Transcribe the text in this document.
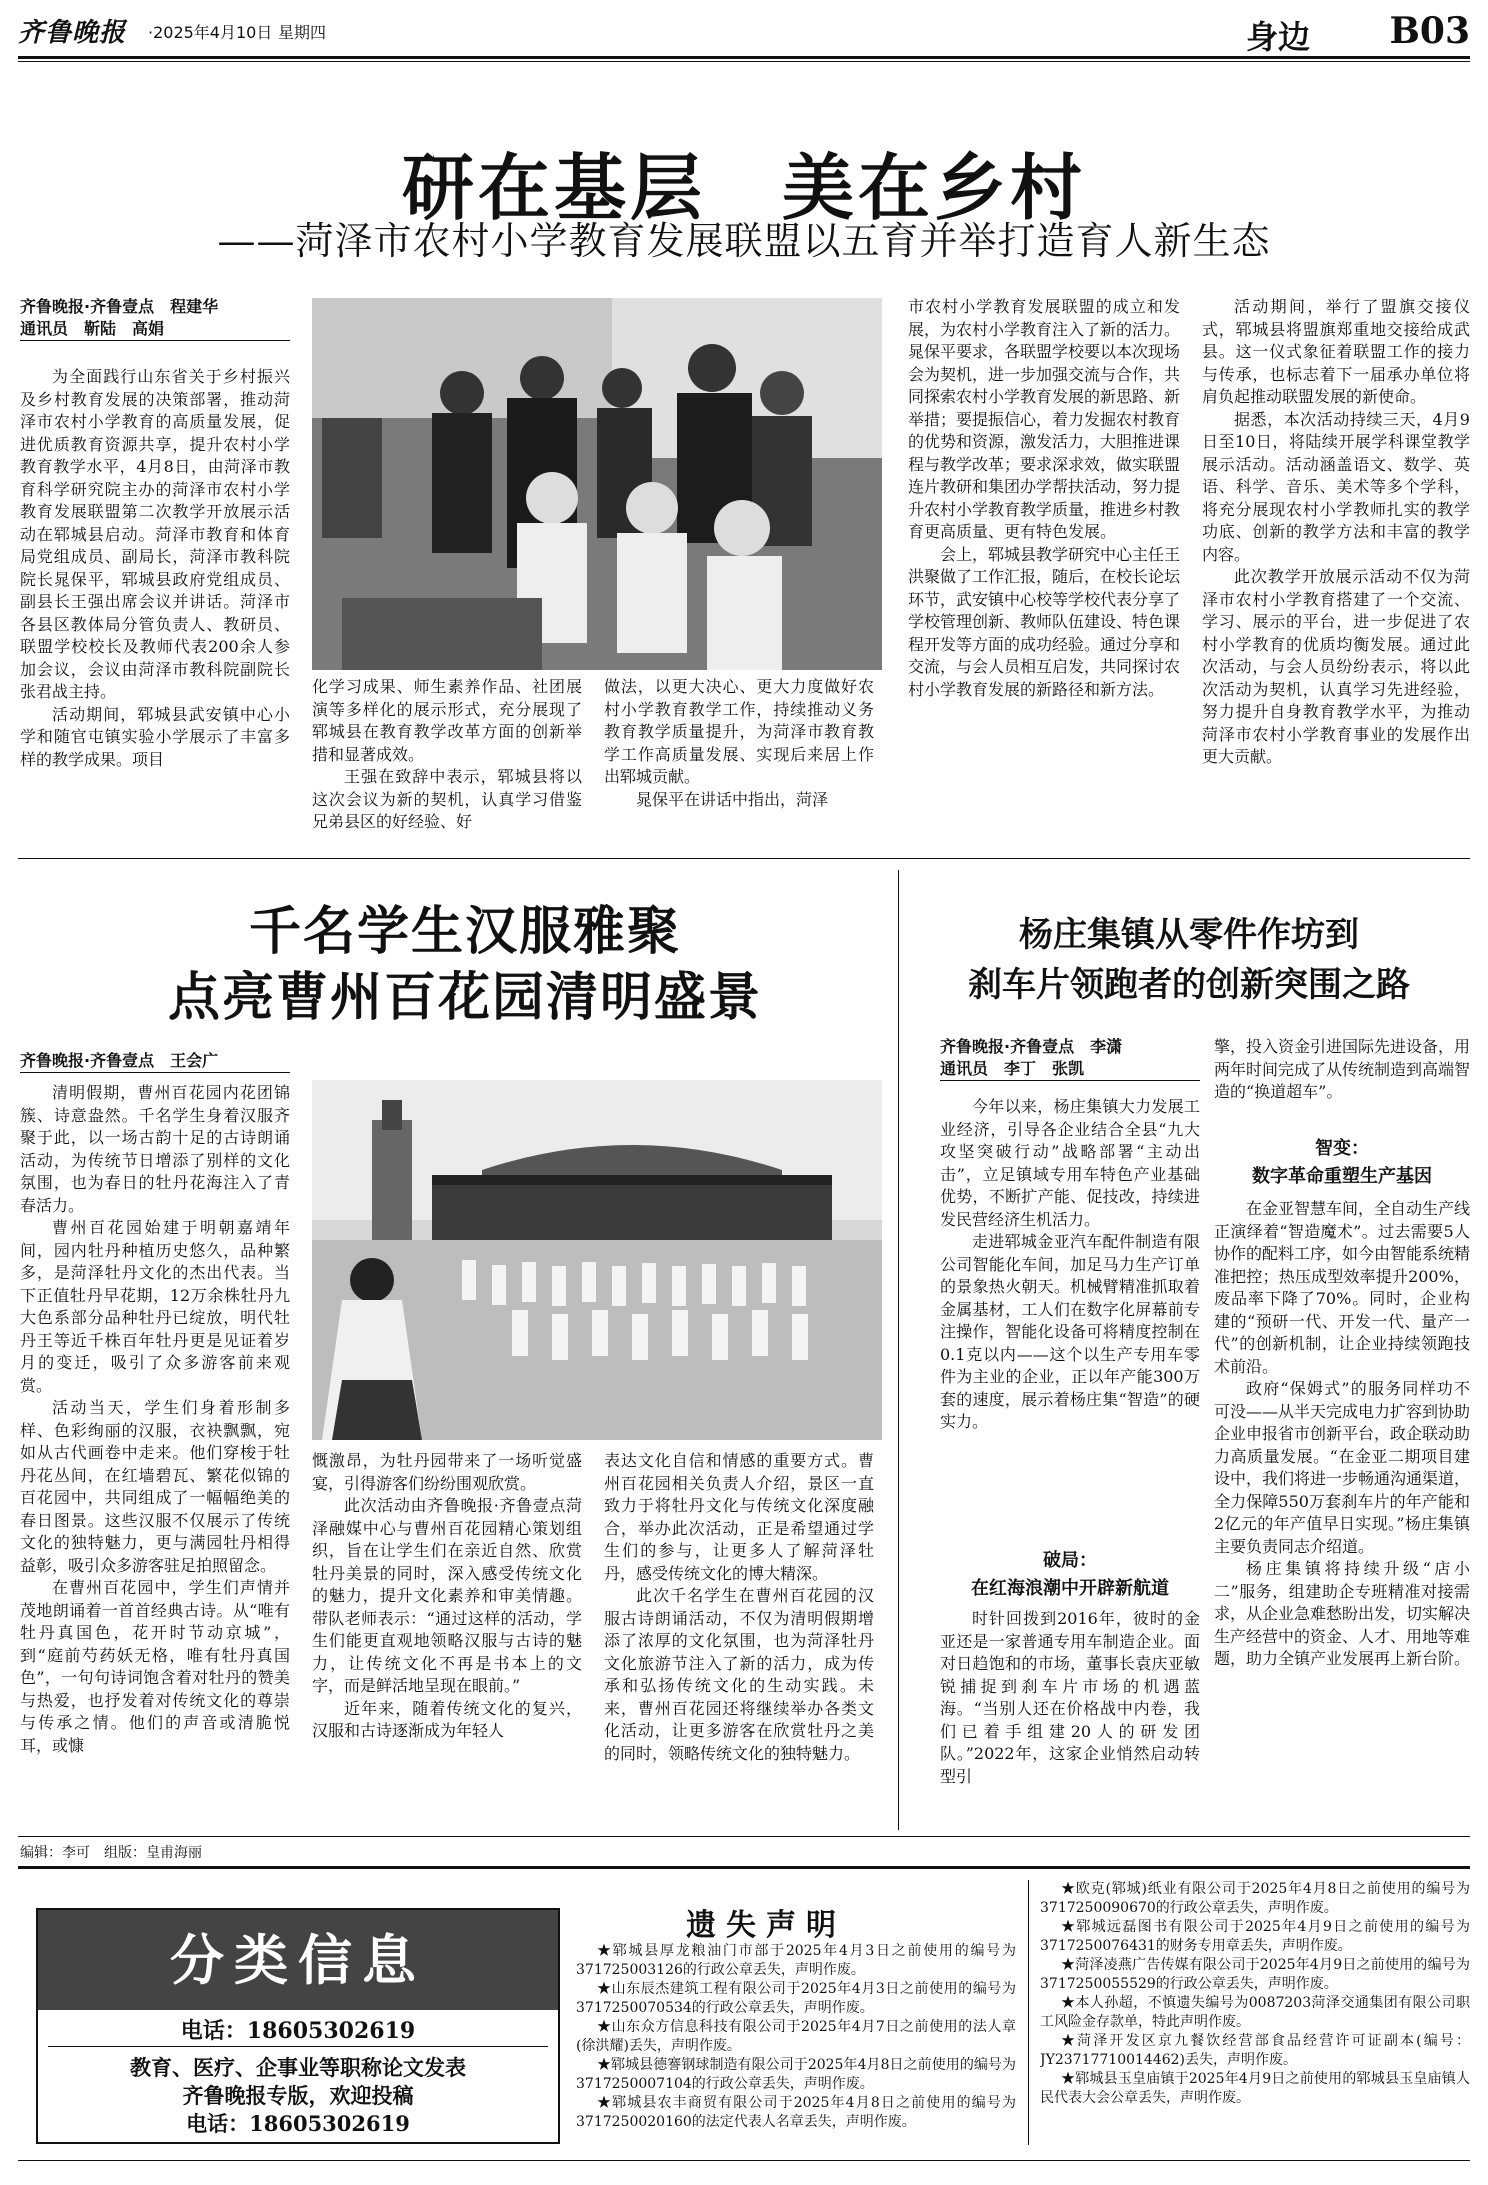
齐鲁晚报 ·2025年4月10日 星期四	身边 B03
研在基层　美在乡村
——菏泽市农村小学教育发展联盟以五育并举打造育人新生态
齐鲁晚报·齐鲁壹点　程建华
通讯员　靳陆　高娟

为全面践行山东省关于乡村振兴及乡村教育发展的决策部署，推动菏泽市农村小学教育的高质量发展，促进优质教育资源共享，提升农村小学教育教学水平，4月8日，由菏泽市教育科学研究院主办的菏泽市农村小学教育发展联盟第二次教学开放展示活动在郓城县启动。菏泽市教育和体育局党组成员、副局长，菏泽市教科院院长晁保平，郓城县政府党组成员、副县长王强出席会议并讲话。菏泽市各县区教体局分管负责人、教研员、联盟学校校长及教师代表200余人参加会议，会议由菏泽市教科院副院长张君战主持。

活动期间，郓城县武安镇中心小学和随官屯镇实验小学展示了丰富多样的教学成果。项目

化学习成果、师生素养作品、社团展演等多样化的展示形式，充分展现了郓城县在教育教学改革方面的创新举措和显著成效。

王强在致辞中表示，郓城县将以这次会议为新的契机，认真学习借鉴兄弟县区的好经验、好

做法，以更大决心、更大力度做好农村小学教育教学工作，持续推动义务教育教学质量提升，为菏泽市教育教学工作高质量发展、实现后来居上作出郓城贡献。

晁保平在讲话中指出，菏泽

市农村小学教育发展联盟的成立和发展，为农村小学教育注入了新的活力。晁保平要求，各联盟学校要以本次现场会为契机，进一步加强交流与合作，共同探索农村小学教育发展的新思路、新举措；要提振信心，着力发掘农村教育的优势和资源，激发活力，大胆推进课程与教学改革；要求深求效，做实联盟连片教研和集团办学帮扶活动，努力提升农村小学教育教学质量，推进乡村教育更高质量、更有特色发展。

会上，郓城县教学研究中心主任王洪聚做了工作汇报，随后，在校长论坛环节，武安镇中心校等学校代表分享了学校管理创新、教师队伍建设、特色课程开发等方面的成功经验。通过分享和交流，与会人员相互启发，共同探讨农村小学教育发展的新路径和新方法。

活动期间，举行了盟旗交接仪式，郓城县将盟旗郑重地交接给成武县。这一仪式象征着联盟工作的接力与传承，也标志着下一届承办单位将肩负起推动联盟发展的新使命。

据悉，本次活动持续三天，4月9日至10日，将陆续开展学科课堂教学展示活动。活动涵盖语文、数学、英语、科学、音乐、美术等多个学科，将充分展现农村小学教师扎实的教学功底、创新的教学方法和丰富的教学内容。

此次教学开放展示活动不仅为菏泽市农村小学教育搭建了一个交流、学习、展示的平台，进一步促进了农村小学教育的优质均衡发展。通过此次活动，与会人员纷纷表示，将以此次活动为契机，认真学习先进经验，努力提升自身教育教学水平，为推动菏泽市农村小学教育事业的发展作出更大贡献。

千名学生汉服雅聚
点亮曹州百花园清明盛景
齐鲁晚报·齐鲁壹点　王会广

清明假期，曹州百花园内花团锦簇、诗意盎然。千名学生身着汉服齐聚于此，以一场古韵十足的古诗朗诵活动，为传统节日增添了别样的文化氛围，也为春日的牡丹花海注入了青春活力。

曹州百花园始建于明朝嘉靖年间，园内牡丹种植历史悠久，品种繁多，是菏泽牡丹文化的杰出代表。当下正值牡丹早花期，12万余株牡丹九大色系部分品种牡丹已绽放，明代牡丹王等近千株百年牡丹更是见证着岁月的变迁，吸引了众多游客前来观赏。

活动当天，学生们身着形制多样、色彩绚丽的汉服，衣袂飘飘，宛如从古代画卷中走来。他们穿梭于牡丹花丛间，在红墙碧瓦、繁花似锦的百花园中，共同组成了一幅幅绝美的春日图景。这些汉服不仅展示了传统文化的独特魅力，更与满园牡丹相得益彰，吸引众多游客驻足拍照留念。

在曹州百花园中，学生们声情并茂地朗诵着一首首经典古诗。从“唯有牡丹真国色，花开时节动京城”，到“庭前芍药妖无格，唯有牡丹真国色”，一句句诗词饱含着对牡丹的赞美与热爱，也抒发着对传统文化的尊崇与传承之情。他们的声音或清脆悦耳，或慷

慨激昂，为牡丹园带来了一场听觉盛宴，引得游客们纷纷围观欣赏。

此次活动由齐鲁晚报·齐鲁壹点菏泽融媒中心与曹州百花园精心策划组织，旨在让学生们在亲近自然、欣赏牡丹美景的同时，深入感受传统文化的魅力，提升文化素养和审美情趣。带队老师表示：“通过这样的活动，学生们能更直观地领略汉服与古诗的魅力，让传统文化不再是书本上的文字，而是鲜活地呈现在眼前。”

近年来，随着传统文化的复兴，汉服和古诗逐渐成为年轻人

表达文化自信和情感的重要方式。曹州百花园相关负责人介绍，景区一直致力于将牡丹文化与传统文化深度融合，举办此次活动，正是希望通过学生们的参与，让更多人了解菏泽牡丹，感受传统文化的博大精深。

此次千名学生在曹州百花园的汉服古诗朗诵活动，不仅为清明假期增添了浓厚的文化氛围，也为菏泽牡丹文化旅游节注入了新的活力，成为传承和弘扬传统文化的生动实践。未来，曹州百花园还将继续举办各类文化活动，让更多游客在欣赏牡丹之美的同时，领略传统文化的独特魅力。

杨庄集镇从零件作坊到
刹车片领跑者的创新突围之路
齐鲁晚报·齐鲁壹点　李潇
通讯员　李丁　张凯

今年以来，杨庄集镇大力发展工业经济，引导各企业结合全县“九大攻坚突破行动”战略部署“主动出击”，立足镇域专用车特色产业基础优势，不断扩产能、促技改，持续进发民营经济生机活力。

走进郓城金亚汽车配件制造有限公司智能化车间，加足马力生产订单的景象热火朝天。机械臂精准抓取着金属基材，工人们在数字化屏幕前专注操作，智能化设备可将精度控制在0.1克以内——这个以生产专用车零件为主业的企业，正以年产能300万套的速度，展示着杨庄集“智造”的硬实力。

破局：
在红海浪潮中开辟新航道

时针回拨到2016年，彼时的金亚还是一家普通专用车制造企业。面对日趋饱和的市场，董事长袁庆亚敏锐捕捉到刹车片市场的机遇蓝海。“当别人还在价格战中内卷，我们已着手组建20人的研发团队。”2022年，这家企业悄然启动转型引

擎，投入资金引进国际先进设备，用两年时间完成了从传统制造到高端智造的“换道超车”。

智变：
数字革命重塑生产基因

在金亚智慧车间，全自动生产线正演绎着“智造魔术”。过去需要5人协作的配料工序，如今由智能系统精准把控；热压成型效率提升200%，废品率下降了70%。同时，企业构建的“预研一代、开发一代、量产一代”的创新机制，让企业持续领跑技术前沿。

政府“保姆式”的服务同样功不可没——从半天完成电力扩容到协助企业申报省市创新平台，政企联动助力高质量发展。“在金亚二期项目建设中，我们将进一步畅通沟通渠道，全力保障550万套刹车片的年产能和2亿元的年产值早日实现。”杨庄集镇主要负责同志介绍道。

杨庄集镇将持续升级“店小二”服务，组建助企专班精准对接需求，从企业急难愁盼出发，切实解决生产经营中的资金、人才、用地等难题，助力全镇产业发展再上新台阶。

编辑：李可　组版：皇甫海丽
分类信息
电话：18605302619
教育、医疗、企事业等职称论文发表
齐鲁晚报专版，欢迎投稿
电话：18605302619
遗失声明

★郓城县厚龙粮油门市部于2025年4月3日之前使用的编号为371725003126的行政公章丢失，声明作废。

★山东辰杰建筑工程有限公司于2025年4月3日之前使用的编号为3717250070534的行政公章丢失，声明作废。

★山东众方信息科技有限公司于2025年4月7日之前使用的法人章(徐洪耀)丢失，声明作废。

★郓城县德謇钢球制造有限公司于2025年4月8日之前使用的编号为3717250007104的行政公章丢失，声明作废。

★郓城县农丰商贸有限公司于2025年4月8日之前使用的编号为3717250020160的法定代表人名章丢失，声明作废。

★欧克(郓城)纸业有限公司于2025年4月8日之前使用的编号为3717250090670的行政公章丢失，声明作废。

★郓城远磊图书有限公司于2025年4月9日之前使用的编号为3717250076431的财务专用章丢失，声明作废。

★菏泽凌燕广告传媒有限公司于2025年4月9日之前使用的编号为3717250055529的行政公章丢失，声明作废。

★本人孙超，不慎遗失编号为0087203菏泽交通集团有限公司职工风险金存款单，特此声明作废。

★菏泽开发区京九餐饮经营部食品经营许可证副本(编号：JY23717710014462)丢失，声明作废。

★郓城县玉皇庙镇于2025年4月9日之前使用的郓城县玉皇庙镇人民代表大会公章丢失，声明作废。
